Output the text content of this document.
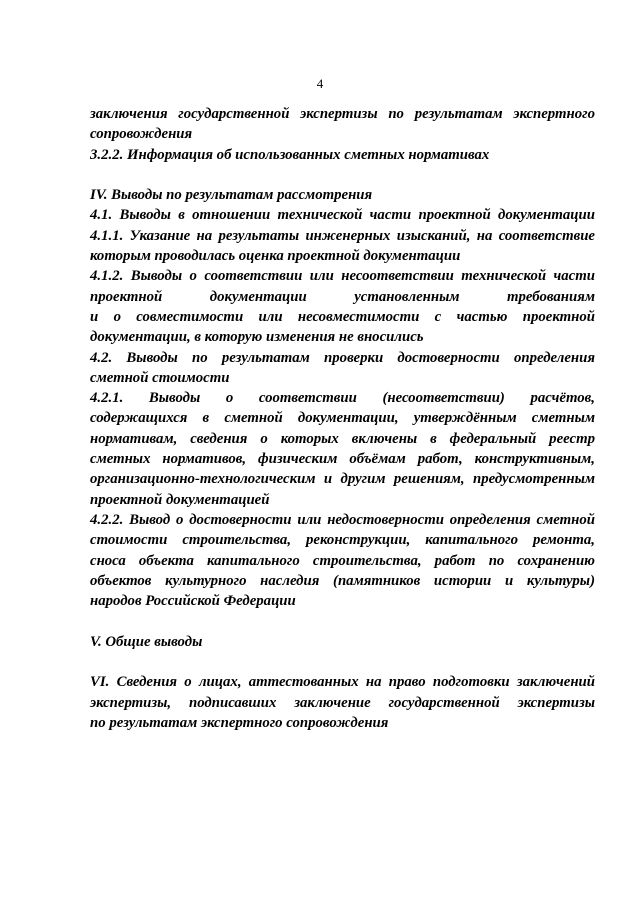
4
заключения государственной экспертизы по результатам экспертного
сопровождения
3.2.2. Информация об использованных сметных нормативах
IV. Выводы по результатам рассмотрения
4.1. Выводы в отношении технической части проектной документации
4.1.1. Указание на результаты инженерных изысканий, на соответствие
которым проводилась оценка проектной документации
4.1.2. Выводы о соответствии или несоответствии технической части
проектной документации установленным требованиям
и о совместимости или несовместимости с частью проектной
документации, в которую изменения не вносились
4.2. Выводы по результатам проверки достоверности определения
сметной стоимости
4.2.1. Выводы о соответствии (несоответствии) расчётов,
содержащихся в сметной документации, утверждённым сметным
нормативам, сведения о которых включены в федеральный реестр
сметных нормативов, физическим объёмам работ, конструктивным,
организационно-технологическим и другим решениям, предусмотренным
проектной документацией
4.2.2. Вывод о достоверности или недостоверности определения сметной
стоимости строительства, реконструкции, капитального ремонта,
сноса объекта капитального строительства, работ по сохранению
объектов культурного наследия (памятников истории и культуры)
народов Российской Федерации
V. Общие выводы
VI. Сведения о лицах, аттестованных на право подготовки заключений
экспертизы, подписавших заключение государственной экспертизы
по результатам экспертного сопровождения
